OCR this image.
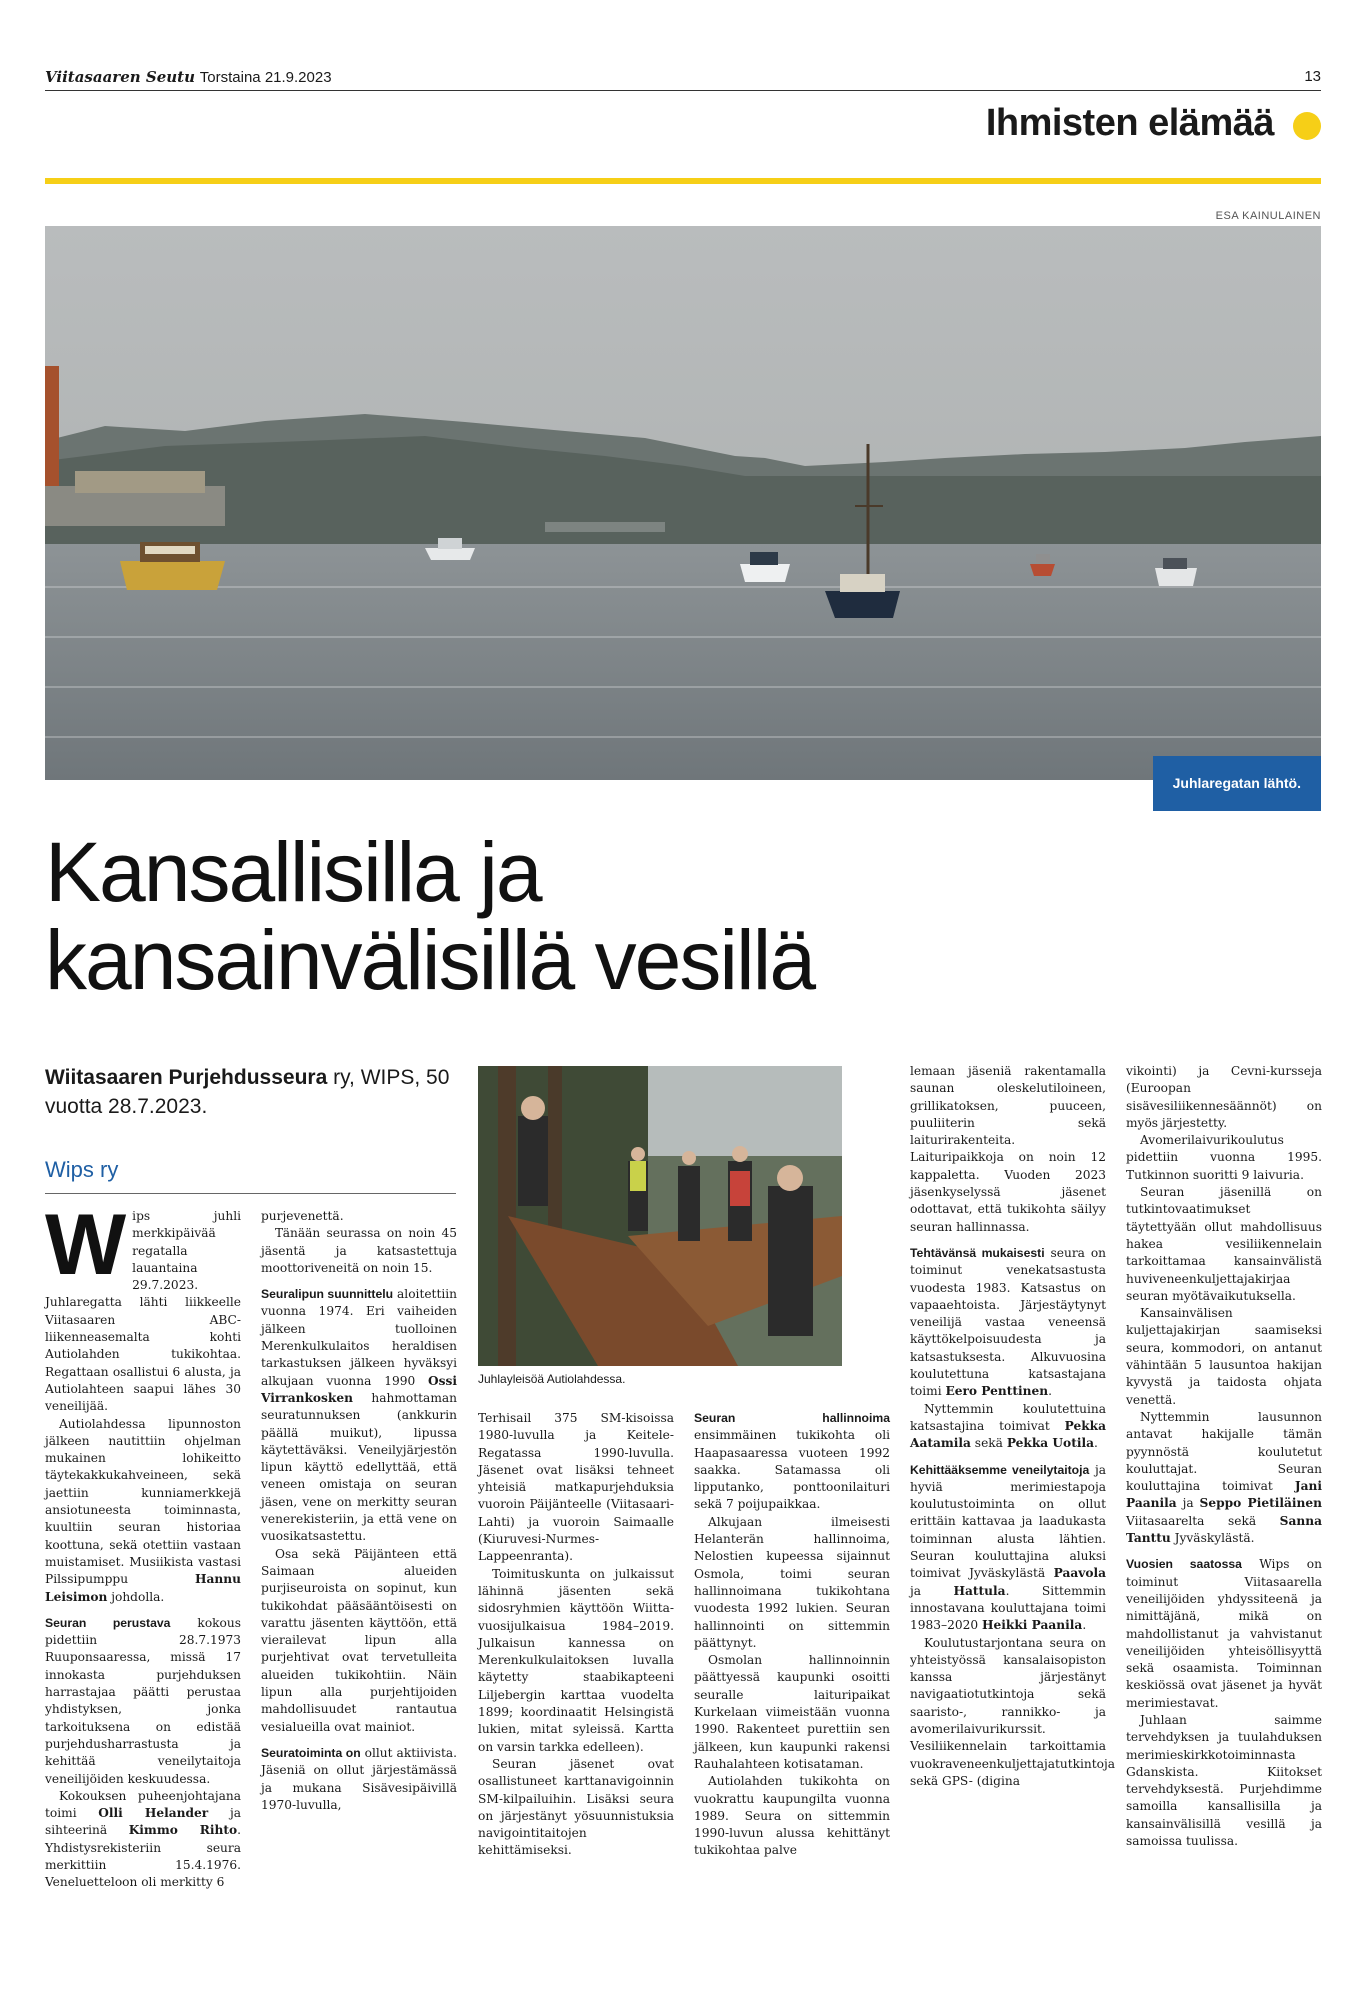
Viitasaaren Seutu Torstaina 21.9.2023	13
Ihmisten elämää
ESA KAINULAINEN
Juhlaregatan lähtö.
Kansallisilla ja
kansainvälisillä vesillä
Wiitasaaren Purjehdusseura ry, WIPS, 50 vuotta 28.7.2023.
Wips ry

Wips juhli merkkipäivää regatalla lauantaina 29.7.2023. Juhlaregatta lähti liikkeelle Viitasaaren ABC-liikenneasemalta kohti Autiolahden tukikohtaa. Regattaan osallistui 6 alusta, ja Autiolahteen saapui lähes 30 veneilijää.

Autiolahdessa lipunnoston jälkeen nautittiin ohjelman mukainen lohikeitto täytekakkukahveineen, sekä jaettiin kunniamerkkejä ansiotuneesta toiminnasta, kuultiin seuran historiaa koottuna, sekä otettiin vastaan muistamiset. Musiikista vastasi Pilssipumppu Hannu Leisimon johdolla.

Seuran perustava kokous pidettiin 28.7.1973 Ruuponsaaressa, missä 17 innokasta purjehduksen harrastajaa päätti perustaa yhdistyksen, jonka tarkoituksena on edistää purjehdusharrastusta ja kehittää veneilytaitoja veneilijöiden keskuudessa.

Kokouksen puheenjohtajana toimi Olli Helander ja sihteerinä Kimmo Rihto. Yhdistysrekisteriin seura merkittiin 15.4.1976. Veneluetteloon oli merkitty 6

purjevenettä.

Tänään seurassa on noin 45 jäsentä ja katsastettuja moottoriveneitä on noin 15.

Seuralipun suunnittelu aloitettiin vuonna 1974. Eri vaiheiden jälkeen tuolloinen Merenkulkulaitos heraldisen tarkastuksen jälkeen hyväksyi alkujaan vuonna 1990 Ossi Virrankosken hahmottaman seuratunnuksen (ankkurin päällä muikut), lipussa käytettäväksi. Veneilyjärjestön lipun käyttö edellyttää, että veneen omistaja on seuran jäsen, vene on merkitty seuran venerekisteriin, ja että vene on vuosikatsastettu.

Osa sekä Päijänteen että Saimaan alueiden purjiseuroista on sopinut, kun tukikohdat pääsääntöisesti on varattu jäsenten käyttöön, että vierailevat lipun alla purjehtivat ovat tervetulleita alueiden tukikohtiin. Näin lipun alla purjehtijoiden mahdollisuudet rantautua vesialueilla ovat mainiot.

Seuratoiminta on ollut aktiivista. Jäseniä on ollut järjestämässä ja mukana Sisävesipäivillä 1970-luvulla,

Juhlayleisöä Autiolahdessa.

Terhisail 375 SM-kisoissa 1980-luvulla ja Keitele-Regatassa 1990-luvulla. Jäsenet ovat lisäksi tehneet yhteisiä matkapurjehduksia vuoroin Päijänteelle (Viitasaari-Lahti) ja vuoroin Saimaalle (Kiuruvesi-Nurmes-Lappeenranta).

Toimituskunta on julkaissut lähinnä jäsenten sekä sidosryhmien käyttöön Wiitta-vuosijulkaisua 1984–2019. Julkaisun kannessa on Merenkulkulaitoksen luvalla käytetty staabikapteeni Liljebergin karttaa vuodelta 1899; koordinaatit Helsingistä lukien, mitat syleissä. Kartta on varsin tarkka edelleen).

Seuran jäsenet ovat osallistuneet karttanavigoinnin SM-kilpailuihin. Lisäksi seura on järjestänyt yösuunnistuksia navigointitaitojen kehittämiseksi.

Seuran hallinnoima ensimmäinen tukikohta oli Haapasaaressa vuoteen 1992 saakka. Satamassa oli lipputanko, ponttoonilaituri sekä 7 poijupaikkaa.

Alkujaan ilmeisesti Helanterän hallinnoima, Nelostien kupeessa sijainnut Osmola, toimi seuran hallinnoimana tukikohtana vuodesta 1992 lukien. Seuran hallinnointi on sittemmin päättynyt.

Osmolan hallinnoinnin päättyessä kaupunki osoitti seuralle laituripaikat Kurkelaan viimeistään vuonna 1990. Rakenteet purettiin sen jälkeen, kun kaupunki rakensi Rauhalahteen kotisataman.

Autiolahden tukikohta on vuokrattu kaupungilta vuonna 1989. Seura on sittemmin 1990-luvun alussa kehittänyt tukikohtaa palve

lemaan jäseniä rakentamalla saunan oleskelutiloineen, grillikatoksen, puuceen, puuliiterin sekä laiturirakenteita. Laituripaikkoja on noin 12 kappaletta. Vuoden 2023 jäsenkyselyssä jäsenet odottavat, että tukikohta säilyy seuran hallinnassa.

Tehtävänsä mukaisesti seura on toiminut venekatsastusta vuodesta 1983. Katsastus on vapaaehtoista. Järjestäytynyt veneilijä vastaa veneensä käyttökelpoisuudesta ja katsastuksesta. Alkuvuosina koulutettuna katsastajana toimi Eero Penttinen.

Nyttemmin koulutettuina katsastajina toimivat Pekka Aatamila sekä Pekka Uotila.

Kehittääksemme veneilytaitoja ja hyviä merimiestapoja koulutustoiminta on ollut erittäin kattavaa ja laadukasta toiminnan alusta lähtien. Seuran kouluttajina aluksi toimivat Jyväskylästä Paavola ja Hattula. Sittemmin innostavana kouluttajana toimi 1983–2020 Heikki Paanila.

Koulutustarjontana seura on yhteistyössä kansalaisopiston kanssa järjestänyt navigaatiotutkintoja sekä saaristo-, rannikko- ja avomerilaivurikurssit. Vesiliikennelain tarkoittamia vuokraveneenkuljettajatutkintoja sekä GPS- (digina

vikointi) ja Cevni-kursseja (Euroopan sisävesiliikennesäännöt) on myös järjestetty.

Avomerilaivurikoulutus pidettiin vuonna 1995. Tutkinnon suoritti 9 laivuria.

Seuran jäsenillä on tutkintovaatimukset täytettyään ollut mahdollisuus hakea vesiliikennelain tarkoittamaa kansainvälistä huviveneenkuljettajakirjaa seuran myötävaikutuksella.

Kansainvälisen kuljettajakirjan saamiseksi seura, kommodori, on antanut vähintään 5 lausuntoa hakijan kyvystä ja taidosta ohjata venettä.

Nyttemmin lausunnon antavat hakijalle tämän pyynnöstä koulutetut kouluttajat. Seuran kouluttajina toimivat Jani Paanila ja Seppo Pietiläinen Viitasaarelta sekä Sanna Tanttu Jyväskylästä.

Vuosien saatossa Wips on toiminut Viitasaarella veneilijöiden yhdyssiteenä ja nimittäjänä, mikä on mahdollistanut ja vahvistanut veneilijöiden yhteisöllisyyttä sekä osaamista. Toiminnan keskiössä ovat jäsenet ja hyvät merimiestavat.

Juhlaan saimme tervehdyksen ja tuulahduksen merimieskirkkotoiminnasta Gdanskista. Kiitokset tervehdyksestä. Purjehdimme samoilla kansallisilla ja kansainvälisillä vesillä ja samoissa tuulissa.
